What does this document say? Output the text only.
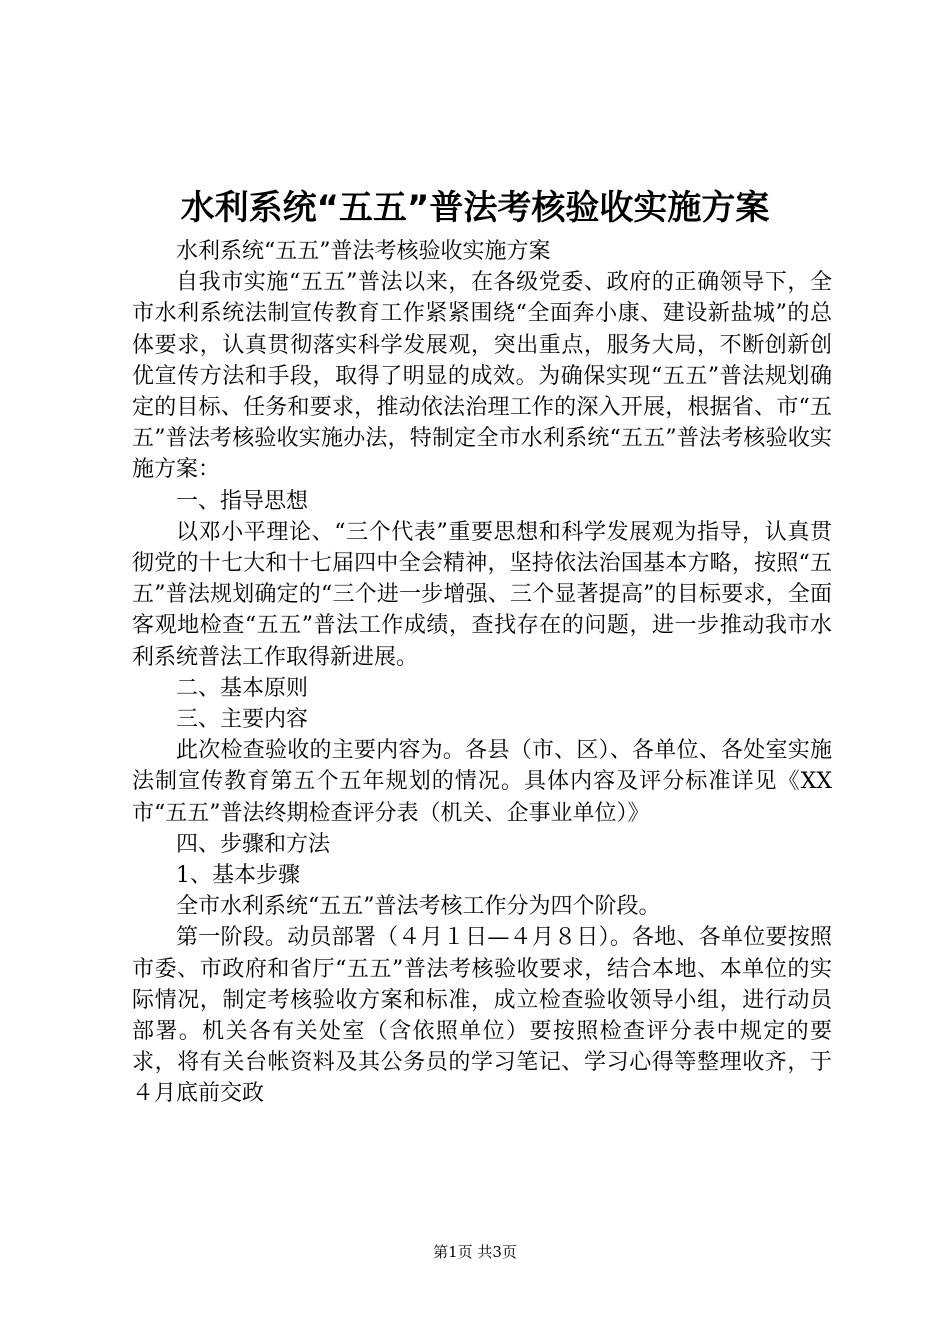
水利系统“五五”普法考核验收实施方案

水利系统“五五”普法考核验收实施方案

自我市实施“五五”普法以来，在各级党委、政府的正确领导下，全市水利系统法制宣传教育工作紧紧围绕“全面奔小康、建设新盐城”的总体要求，认真贯彻落实科学发展观，突出重点，服务大局，不断创新创优宣传方法和手段，取得了明显的成效。为确保实现“五五”普法规划确定的目标、任务和要求，推动依法治理工作的深入开展，根据省、市“五五”普法考核验收实施办法，特制定全市水利系统“五五”普法考核验收实施方案：

一、指导思想

以邓小平理论、“三个代表”重要思想和科学发展观为指导，认真贯彻党的十七大和十七届四中全会精神，坚持依法治国基本方略，按照“五五”普法规划确定的“三个进一步增强、三个显著提高”的目标要求，全面客观地检查“五五”普法工作成绩，查找存在的问题，进一步推动我市水利系统普法工作取得新进展。

二、基本原则

三、主要内容

此次检查验收的主要内容为。各县（市、区）、各单位、各处室实施法制宣传教育第五个五年规划的情况。具体内容及评分标准详见《XX市“五五”普法终期检查评分表（机关、企事业单位）》

四、步骤和方法

1、基本步骤

全市水利系统“五五”普法考核工作分为四个阶段。

第一阶段。动员部署（４月１日—４月８日）。各地、各单位要按照市委、市政府和省厅“五五”普法考核验收要求，结合本地、本单位的实际情况，制定考核验收方案和标准，成立检查验收领导小组，进行动员部署。机关各有关处室（含依照单位）要按照检查评分表中规定的要求，将有关台帐资料及其公务员的学习笔记、学习心得等整理收齐，于４月底前交政

第1页 共3页
